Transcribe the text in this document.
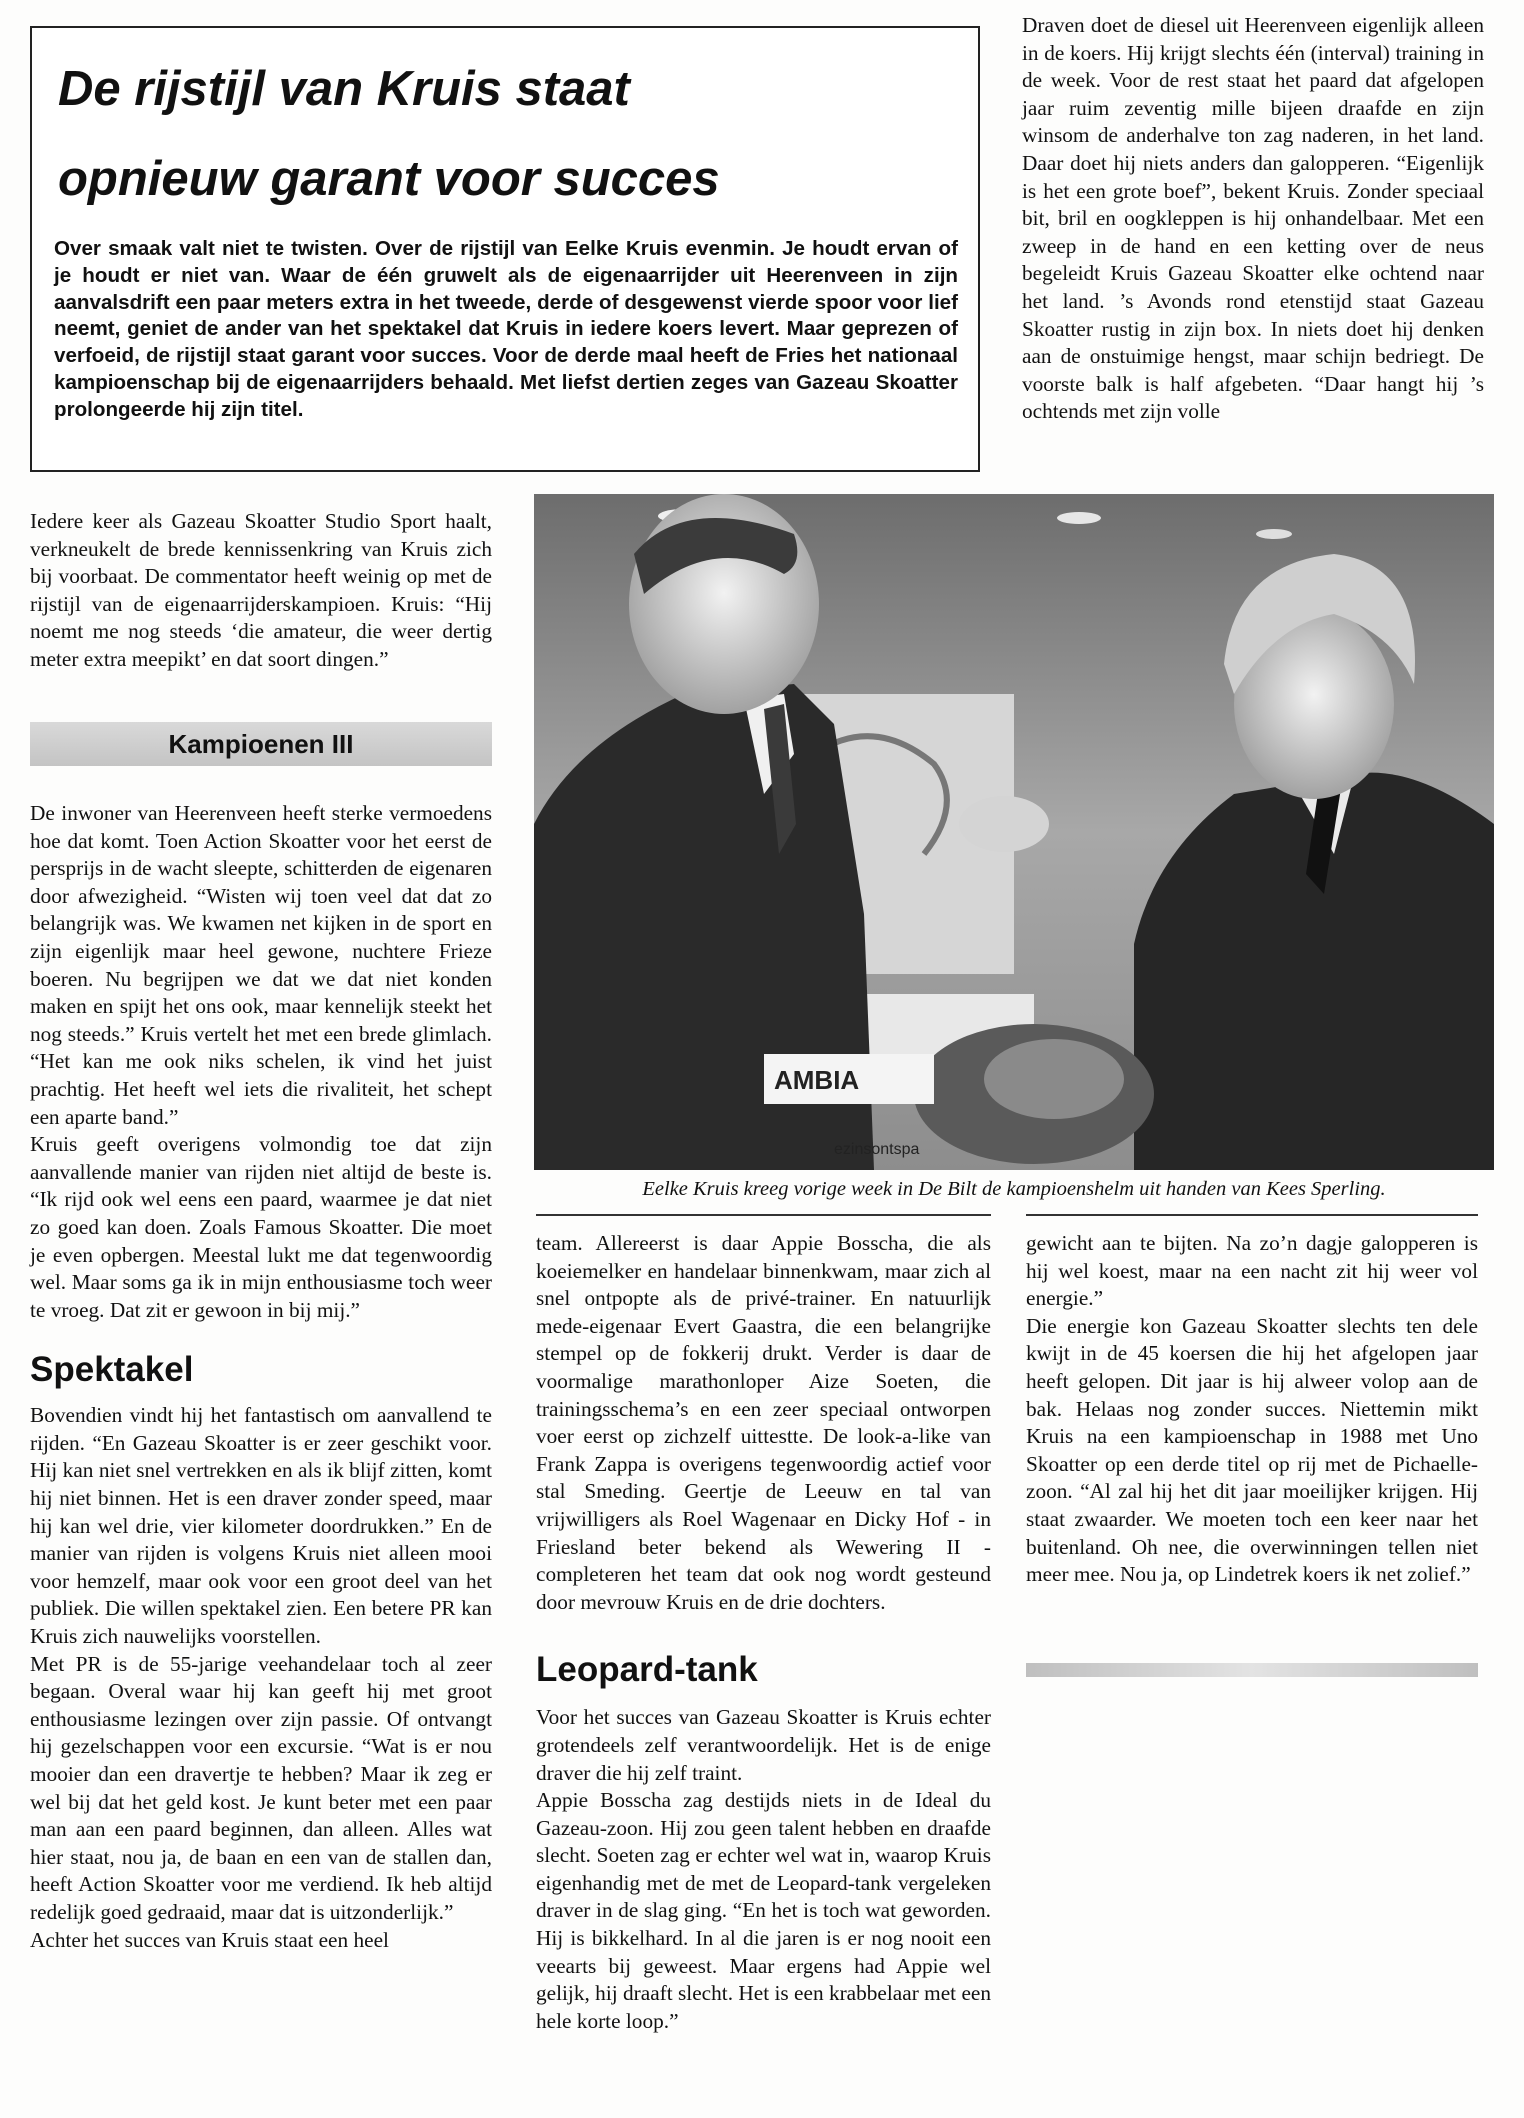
De rijstijl van Kruis staat
opnieuw garant voor succes

Over smaak valt niet te twisten. Over de rijstijl van Eelke Kruis evenmin. Je houdt ervan of je houdt er niet van. Waar de één gruwelt als de eigenaarrijder uit Heerenveen in zijn aanvalsdrift een paar meters extra in het tweede, derde of desgewenst vierde spoor voor lief neemt, geniet de ander van het spektakel dat Kruis in iedere koers levert. Maar geprezen of verfoeid, de rijstijl staat garant voor succes. Voor de derde maal heeft de Fries het nationaal kampioenschap bij de eigenaarrijders behaald. Met liefst dertien zeges van Gazeau Skoatter prolongeerde hij zijn titel.

Draven doet de diesel uit Heerenveen eigenlijk alleen in de koers. Hij krijgt slechts één (interval) training in de week. Voor de rest staat het paard dat afgelopen jaar ruim zeventig mille bijeen draafde en zijn winsom de anderhalve ton zag naderen, in het land. Daar doet hij niets anders dan galopperen. “Eigenlijk is het een grote boef”, bekent Kruis. Zonder speciaal bit, bril en oogkleppen is hij onhandelbaar. Met een zweep in de hand en een ketting over de neus begeleidt Kruis Gazeau Skoatter elke ochtend naar het land. ’s Avonds rond etenstijd staat Gazeau Skoatter rustig in zijn box. In niets doet hij denken aan de onstuimige hengst, maar schijn bedriegt. De voorste balk is half afgebeten. “Daar hangt hij ’s ochtends met zijn volle

Iedere keer als Gazeau Skoatter Studio Sport haalt, verkneukelt de brede kennissenkring van Kruis zich bij voorbaat. De commentator heeft weinig op met de rijstijl van de eigenaarrijderskampioen. Kruis: “Hij noemt me nog steeds ‘die amateur, die weer dertig meter extra meepikt’ en dat soort dingen.”

Kampioenen III

De inwoner van Heerenveen heeft sterke vermoedens hoe dat komt. Toen Action Skoatter voor het eerst de persprijs in de wacht sleepte, schitterden de eigenaren door afwezigheid. “Wisten wij toen veel dat dat zo belangrijk was. We kwamen net kijken in de sport en zijn eigenlijk maar heel gewone, nuchtere Frieze boeren. Nu begrijpen we dat we dat niet konden maken en spijt het ons ook, maar kennelijk steekt het nog steeds.” Kruis vertelt het met een brede glimlach. “Het kan me ook niks schelen, ik vind het juist prachtig. Het heeft wel iets die rivaliteit, het schept een aparte band.”

Kruis geeft overigens volmondig toe dat zijn aanvallende manier van rijden niet altijd de beste is. “Ik rijd ook wel eens een paard, waarmee je dat niet zo goed kan doen. Zoals Famous Skoatter. Die moet je even opbergen. Meestal lukt me dat tegenwoordig wel. Maar soms ga ik in mijn enthousiasme toch weer te vroeg. Dat zit er gewoon in bij mij.”

Spektakel

Bovendien vindt hij het fantastisch om aanvallend te rijden. “En Gazeau Skoatter is er zeer geschikt voor. Hij kan niet snel vertrekken en als ik blijf zitten, komt hij niet binnen. Het is een draver zonder speed, maar hij kan wel drie, vier kilometer doordrukken.” En de manier van rijden is volgens Kruis niet alleen mooi voor hemzelf, maar ook voor een groot deel van het publiek. Die willen spektakel zien. Een betere PR kan Kruis zich nauwelijks voorstellen.

Met PR is de 55-jarige veehandelaar toch al zeer begaan. Overal waar hij kan geeft hij met groot enthousiasme lezingen over zijn passie. Of ontvangt hij gezelschappen voor een excursie. “Wat is er nou mooier dan een dravertje te hebben? Maar ik zeg er wel bij dat het geld kost. Je kunt beter met een paar man aan een paard beginnen, dan alleen. Alles wat hier staat, nou ja, de baan en een van de stallen dan, heeft Action Skoatter voor me verdiend. Ik heb altijd redelijk goed gedraaid, maar dat is uitzonderlijk.”

Achter het succes van Kruis staat een heel

AMBIA
ezinsontspa
Eelke Kruis kreeg vorige week in De Bilt de kampioenshelm uit handen van Kees Sperling.

team. Allereerst is daar Appie Bosscha, die als koeiemelker en handelaar binnenkwam, maar zich al snel ontpopte als de privé-trainer. En natuurlijk mede-eigenaar Evert Gaastra, die een belangrijke stempel op de fokkerij drukt. Verder is daar de voormalige marathonloper Aize Soeten, die trainingsschema’s en een zeer speciaal ontworpen voer eerst op zichzelf uittestte. De look-a-like van Frank Zappa is overigens tegenwoordig actief voor stal Smeding. Geertje de Leeuw en tal van vrijwilligers als Roel Wagenaar en Dicky Hof - in Friesland beter bekend als Wewering II - completeren het team dat ook nog wordt gesteund door mevrouw Kruis en de drie dochters.

Leopard-tank

Voor het succes van Gazeau Skoatter is Kruis echter grotendeels zelf verantwoordelijk. Het is de enige draver die hij zelf traint.

Appie Bosscha zag destijds niets in de Ideal du Gazeau-zoon. Hij zou geen talent hebben en draafde slecht. Soeten zag er echter wel wat in, waarop Kruis eigenhandig met de met de Leopard-tank vergeleken draver in de slag ging. “En het is toch wat geworden. Hij is bikkelhard. In al die jaren is er nog nooit een veearts bij geweest. Maar ergens had Appie wel gelijk, hij draaft slecht. Het is een krabbelaar met een hele korte loop.”

gewicht aan te bijten. Na zo’n dagje galopperen is hij wel koest, maar na een nacht zit hij weer vol energie.”

Die energie kon Gazeau Skoatter slechts ten dele kwijt in de 45 koersen die hij het afgelopen jaar heeft gelopen. Dit jaar is hij alweer volop aan de bak. Helaas nog zonder succes. Niettemin mikt Kruis na een kampioenschap in 1988 met Uno Skoatter op een derde titel op rij met de Pichaelle-zoon. “Al zal hij het dit jaar moeilijker krijgen. Hij staat zwaarder. We moeten toch een keer naar het buitenland. Oh nee, die overwinningen tellen niet meer mee. Nou ja, op Lindetrek koers ik net zolief.”
